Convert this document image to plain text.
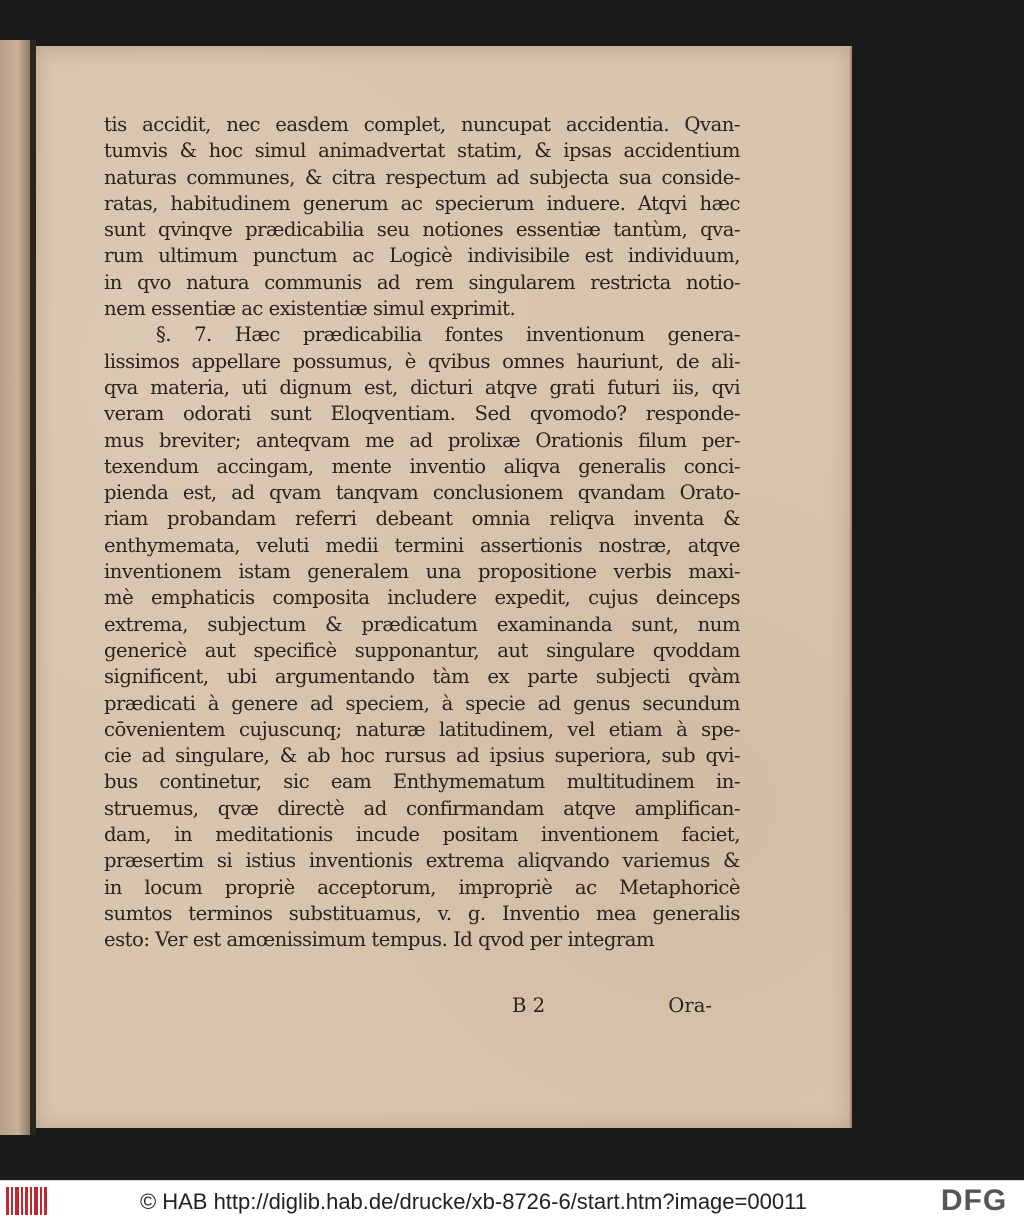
tis accidit, nec easdem complet, nuncupat accidentia. Qvan-
tumvis & hoc simul animadvertat statim, & ipsas accidentium
naturas communes, & citra respectum ad subjecta sua conside-
ratas, habitudinem generum ac specierum induere. Atqvi hæc
sunt qvinqve prædicabilia seu notiones essentiæ tantùm, qva-
rum ultimum punctum ac Logicè indivisibile est individuum,
in qvo natura communis ad rem singularem restricta notio-
nem essentiæ ac existentiæ simul exprimit.
§. 7. Hæc prædicabilia fontes inventionum genera-
lissimos appellare possumus, è qvibus omnes hauriunt, de ali-
qva materia, uti dignum est, dicturi atqve grati futuri iis, qvi
veram odorati sunt Eloqventiam. Sed qvomodo? responde-
mus breviter; anteqvam me ad prolixæ Orationis filum per-
texendum accingam, mente inventio aliqva generalis conci-
pienda est, ad qvam tanqvam conclusionem qvandam Orato-
riam probandam referri debeant omnia reliqva inventa &
enthymemata, veluti medii termini assertionis nostræ, atqve
inventionem istam generalem una propositione verbis maxi-
mè emphaticis composita includere expedit, cujus deinceps
extrema, subjectum & prædicatum examinanda sunt, num
genericè aut specificè supponantur, aut singulare qvoddam
significent, ubi argumentando tàm ex parte subjecti qvàm
prædicati à genere ad speciem, à specie ad genus secundum
cōvenientem cujuscunq; naturæ latitudinem, vel etiam à spe-
cie ad singulare, & ab hoc rursus ad ipsius superiora, sub qvi-
bus continetur, sic eam Enthymematum multitudinem in-
struemus, qvæ directè ad confirmandam atqve amplifican-
dam, in meditationis incude positam inventionem faciet,
præsertim si istius inventionis extrema aliqvando variemus &
in locum propriè acceptorum, impropriè ac Metaphoricè
sumtos terminos substituamus, v. g. Inventio mea generalis
esto: Ver est amœnissimum tempus. Id qvod per integram
B 2	Ora-
© HAB http://diglib.hab.de/drucke/xb-8726-6/start.htm?image=00011	DFG
